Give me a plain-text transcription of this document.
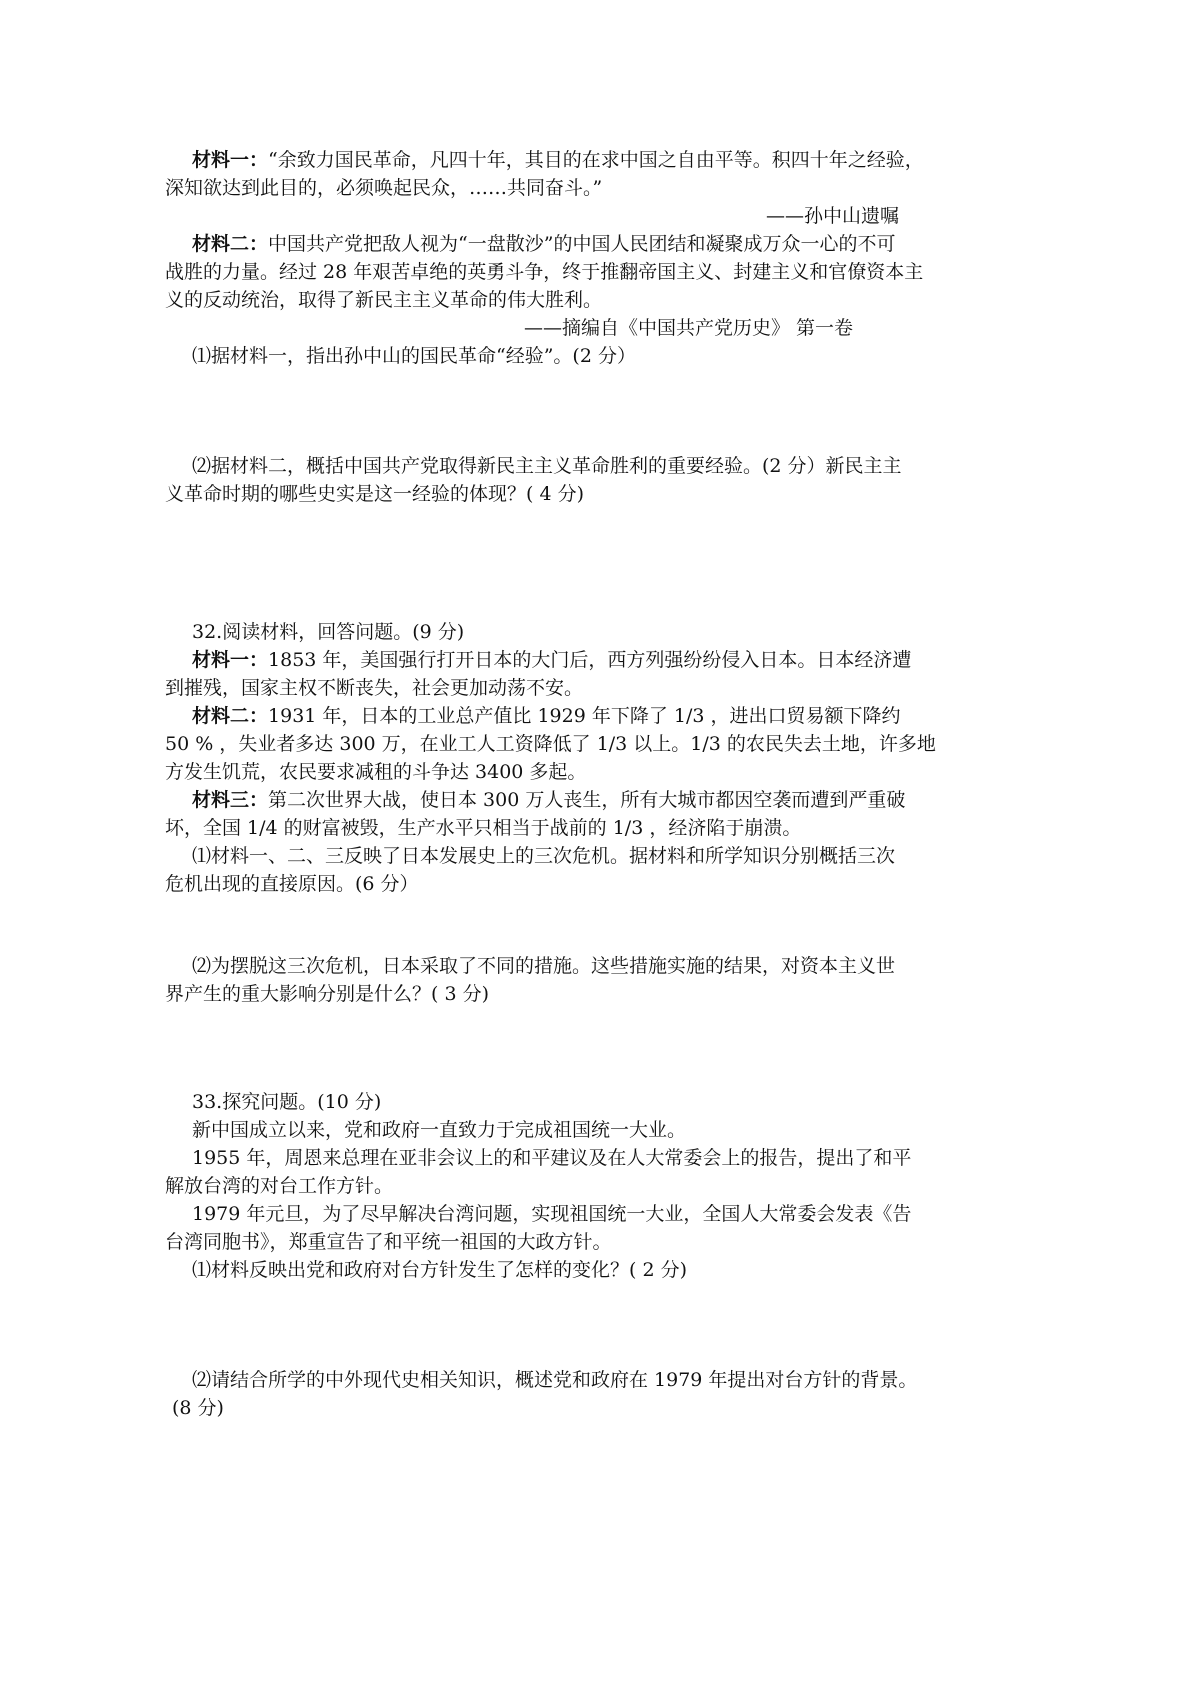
材料一：“余致力国民革命，凡四十年，其目的在求中国之自由平等。积四十年之经验，
深知欲达到此目的，必须唤起民众，……共同奋斗。”
——孙中山遗嘱
材料二：中国共产党把敌人视为“一盘散沙”的中国人民团结和凝聚成万众一心的不可
战胜的力量。经过 28 年艰苦卓绝的英勇斗争，终于推翻帝国主义、封建主义和官僚资本主
义的反动统治，取得了新民主主义革命的伟大胜利。
——摘编自《中国共产党历史》 第一卷
⑴据材料一，指出孙中山的国民革命“经验”。(2 分）
⑵据材料二，概括中国共产党取得新民主主义革命胜利的重要经验。(2 分）新民主主
义革命时期的哪些史实是这一经验的体现？( 4 分)
32.阅读材料，回答问题。(9 分)
材料一：1853 年，美国强行打开日本的大门后，西方列强纷纷侵入日本。日本经济遭
到摧残，国家主权不断丧失，社会更加动荡不安。
材料二：1931 年，日本的工业总产值比 1929 年下降了 1/3 ，进出口贸易额下降约
50 % ，失业者多达 300 万，在业工人工资降低了 1/3 以上。1/3 的农民失去土地，许多地
方发生饥荒，农民要求减租的斗争达 3400 多起。
材料三：第二次世界大战，使日本 300 万人丧生，所有大城市都因空袭而遭到严重破
坏，全国 1/4 的财富被毁，生产水平只相当于战前的 1/3 ，经济陷于崩溃。
⑴材料一、二、三反映了日本发展史上的三次危机。据材料和所学知识分别概括三次
危机出现的直接原因。(6 分）
⑵为摆脱这三次危机，日本采取了不同的措施。这些措施实施的结果，对资本主义世
界产生的重大影响分别是什么？( 3 分)
33.探究问题。(10 分)
新中国成立以来，党和政府一直致力于完成祖国统一大业。
1955 年，周恩来总理在亚非会议上的和平建议及在人大常委会上的报告，提出了和平
解放台湾的对台工作方针。
1979 年元旦，为了尽早解决台湾问题，实现祖国统一大业，全国人大常委会发表《告
台湾同胞书》，郑重宣告了和平统一祖国的大政方针。
⑴材料反映出党和政府对台方针发生了怎样的变化？( 2 分)
⑵请结合所学的中外现代史相关知识，概述党和政府在 1979 年提出对台方针的背景。
(8 分)
